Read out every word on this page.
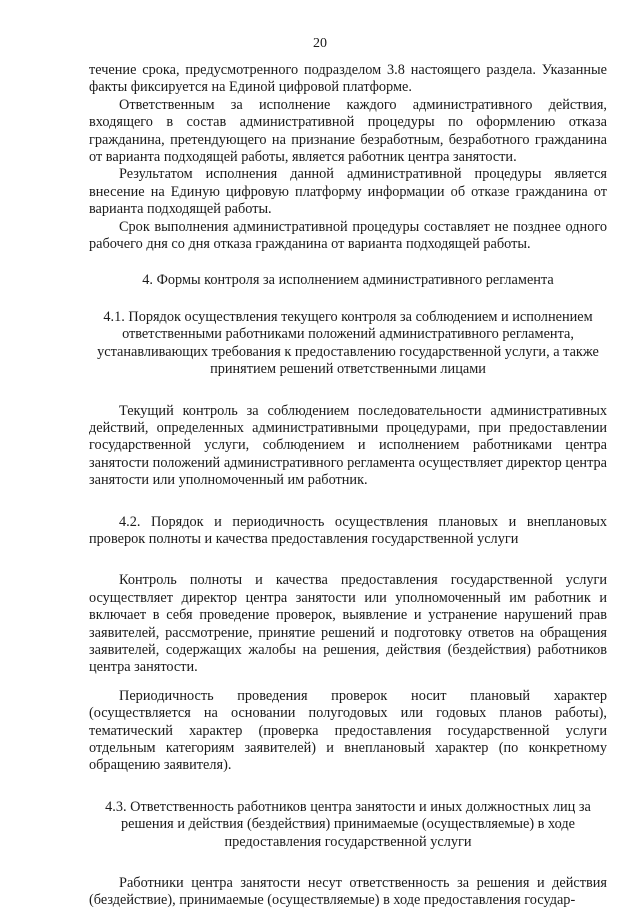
20

течение срока, предусмотренного подразделом 3.8 настоящего раздела. Указанные факты фиксируется на Единой цифровой платформе.

Ответственным за исполнение каждого административного действия, входящего в состав административной процедуры по оформлению отказа гражданина, претендующего на признание безработным, безработного гражданина от варианта подходящей работы, является работник центра занятости.

Результатом исполнения данной административной процедуры является внесение на Единую цифровую платформу информации об отказе гражданина от варианта подходящей работы.

Срок выполнения административной процедуры составляет не позднее одного рабочего дня со дня отказа гражданина от варианта подходящей работы.

4. Формы контроля за исполнением административного регламента

4.1. Порядок осуществления текущего контроля за соблюдением и исполнением ответственными работниками положений административного регламента, устанавливающих требования к предоставлению государственной услуги, а также принятием решений ответственными лицами

Текущий контроль за соблюдением последовательности административных действий, определенных административными процедурами, при предоставлении государственной услуги, соблюдением и исполнением работниками центра занятости положений административного регламента осуществляет директор центра занятости или уполномоченный им работник.

4.2. Порядок и периодичность осуществления плановых и внеплановых проверок полноты и качества предоставления государственной услуги

Контроль полноты и качества предоставления государственной услуги осуществляет директор центра занятости или уполномоченный им работник и включает в себя проведение проверок, выявление и устранение нарушений прав заявителей, рассмотрение, принятие решений и подготовку ответов на обращения заявителей, содержащих жалобы на решения, действия (бездействия) работников центра занятости.

Периодичность проведения проверок носит плановый характер (осуществляется на основании полугодовых или годовых планов работы), тематический характер (проверка предоставления государственной услуги отдельным категориям заявителей) и внеплановый характер (по конкретному обращению заявителя).

4.3. Ответственность работников центра занятости и иных должностных лиц за решения и действия (бездействия) принимаемые (осуществляемые) в ходе предоставления государственной услуги

Работники центра занятости несут ответственность за решения и действия (бездействие), принимаемые (осуществляемые) в ходе предоставления государ-
